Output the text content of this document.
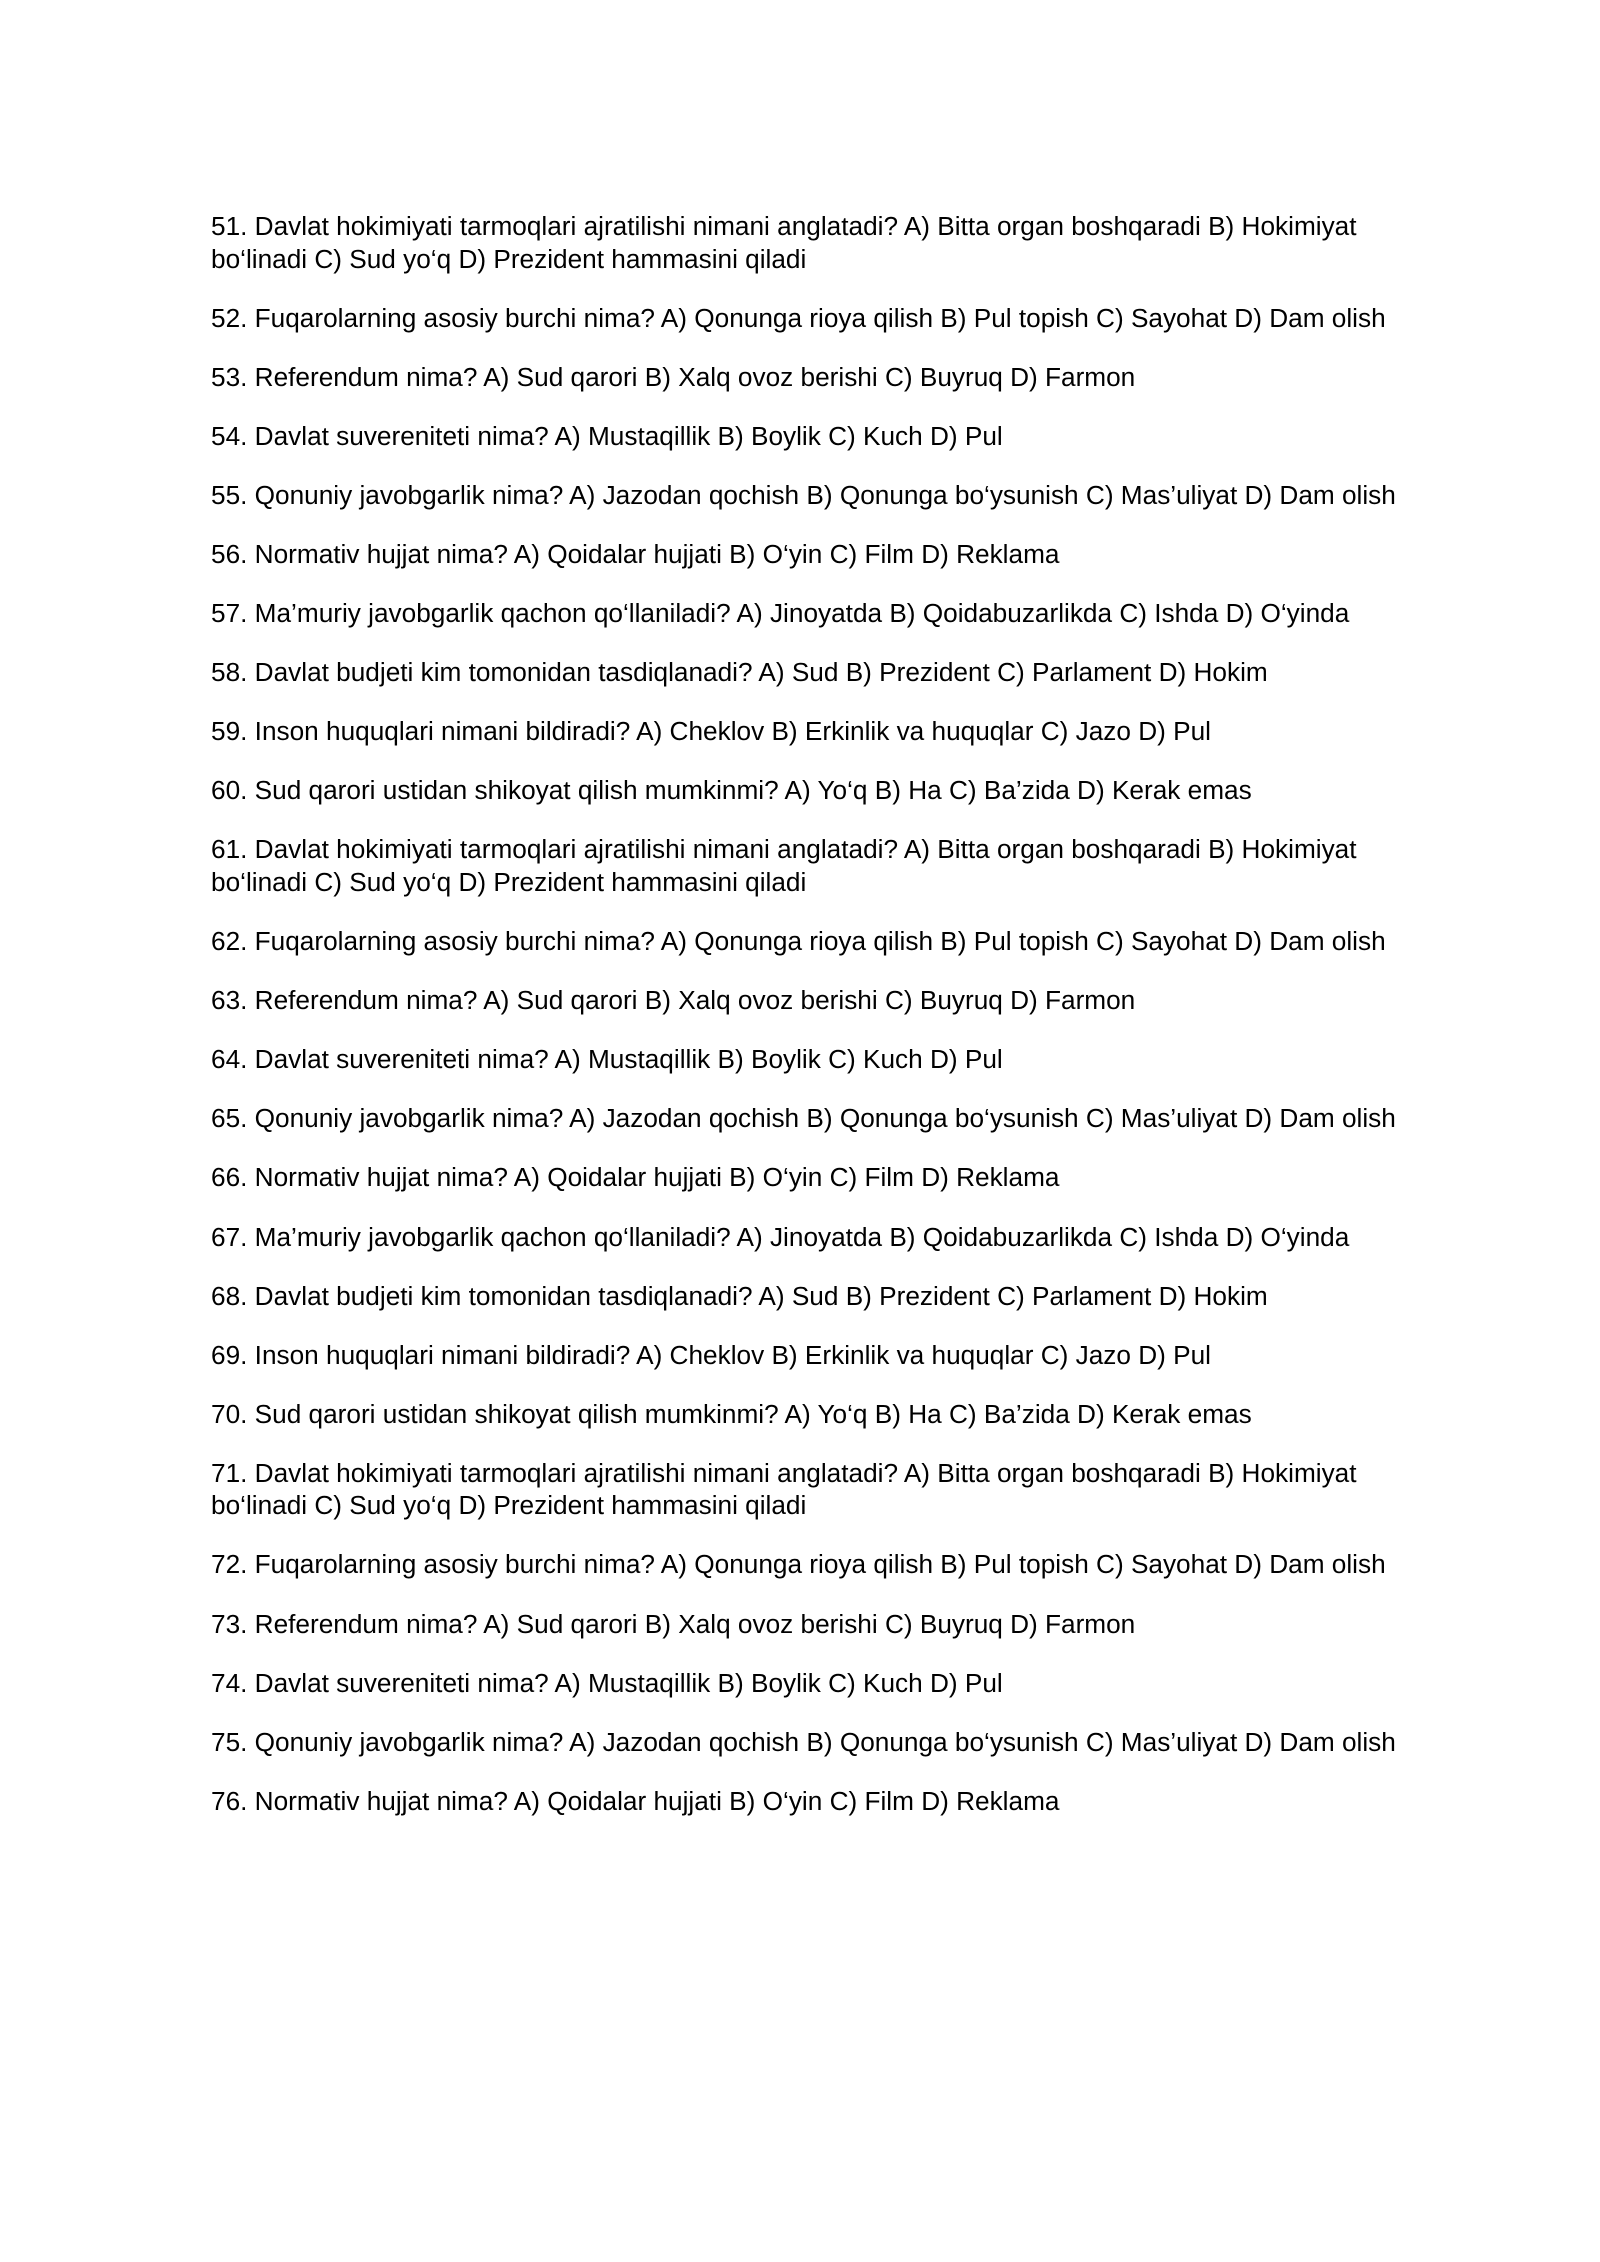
51. Davlat hokimiyati tarmoqlari ajratilishi nimani anglatadi? A) Bitta organ boshqaradi B) Hokimiyat bo‘linadi C) Sud yo‘q D) Prezident hammasini qiladi

52. Fuqarolarning asosiy burchi nima? A) Qonunga rioya qilish B) Pul topish C) Sayohat D) Dam olish

53. Referendum nima? A) Sud qarori B) Xalq ovoz berishi C) Buyruq D) Farmon

54. Davlat suvereniteti nima? A) Mustaqillik B) Boylik C) Kuch D) Pul

55. Qonuniy javobgarlik nima? A) Jazodan qochish B) Qonunga bo‘ysunish C) Mas’uliyat D) Dam olish

56. Normativ hujjat nima? A) Qoidalar hujjati B) O‘yin C) Film D) Reklama

57. Ma’muriy javobgarlik qachon qo‘llaniladi? A) Jinoyatda B) Qoidabuzarlikda C) Ishda D) O‘yinda

58. Davlat budjeti kim tomonidan tasdiqlanadi? A) Sud B) Prezident C) Parlament D) Hokim

59. Inson huquqlari nimani bildiradi? A) Cheklov B) Erkinlik va huquqlar C) Jazo D) Pul

60. Sud qarori ustidan shikoyat qilish mumkinmi? A) Yo‘q B) Ha C) Ba’zida D) Kerak emas

61. Davlat hokimiyati tarmoqlari ajratilishi nimani anglatadi? A) Bitta organ boshqaradi B) Hokimiyat bo‘linadi C) Sud yo‘q D) Prezident hammasini qiladi

62. Fuqarolarning asosiy burchi nima? A) Qonunga rioya qilish B) Pul topish C) Sayohat D) Dam olish

63. Referendum nima? A) Sud qarori B) Xalq ovoz berishi C) Buyruq D) Farmon

64. Davlat suvereniteti nima? A) Mustaqillik B) Boylik C) Kuch D) Pul

65. Qonuniy javobgarlik nima? A) Jazodan qochish B) Qonunga bo‘ysunish C) Mas’uliyat D) Dam olish

66. Normativ hujjat nima? A) Qoidalar hujjati B) O‘yin C) Film D) Reklama

67. Ma’muriy javobgarlik qachon qo‘llaniladi? A) Jinoyatda B) Qoidabuzarlikda C) Ishda D) O‘yinda

68. Davlat budjeti kim tomonidan tasdiqlanadi? A) Sud B) Prezident C) Parlament D) Hokim

69. Inson huquqlari nimani bildiradi? A) Cheklov B) Erkinlik va huquqlar C) Jazo D) Pul

70. Sud qarori ustidan shikoyat qilish mumkinmi? A) Yo‘q B) Ha C) Ba’zida D) Kerak emas

71. Davlat hokimiyati tarmoqlari ajratilishi nimani anglatadi? A) Bitta organ boshqaradi B) Hokimiyat bo‘linadi C) Sud yo‘q D) Prezident hammasini qiladi

72. Fuqarolarning asosiy burchi nima? A) Qonunga rioya qilish B) Pul topish C) Sayohat D) Dam olish

73. Referendum nima? A) Sud qarori B) Xalq ovoz berishi C) Buyruq D) Farmon

74. Davlat suvereniteti nima? A) Mustaqillik B) Boylik C) Kuch D) Pul

75. Qonuniy javobgarlik nima? A) Jazodan qochish B) Qonunga bo‘ysunish C) Mas’uliyat D) Dam olish

76. Normativ hujjat nima? A) Qoidalar hujjati B) O‘yin C) Film D) Reklama
